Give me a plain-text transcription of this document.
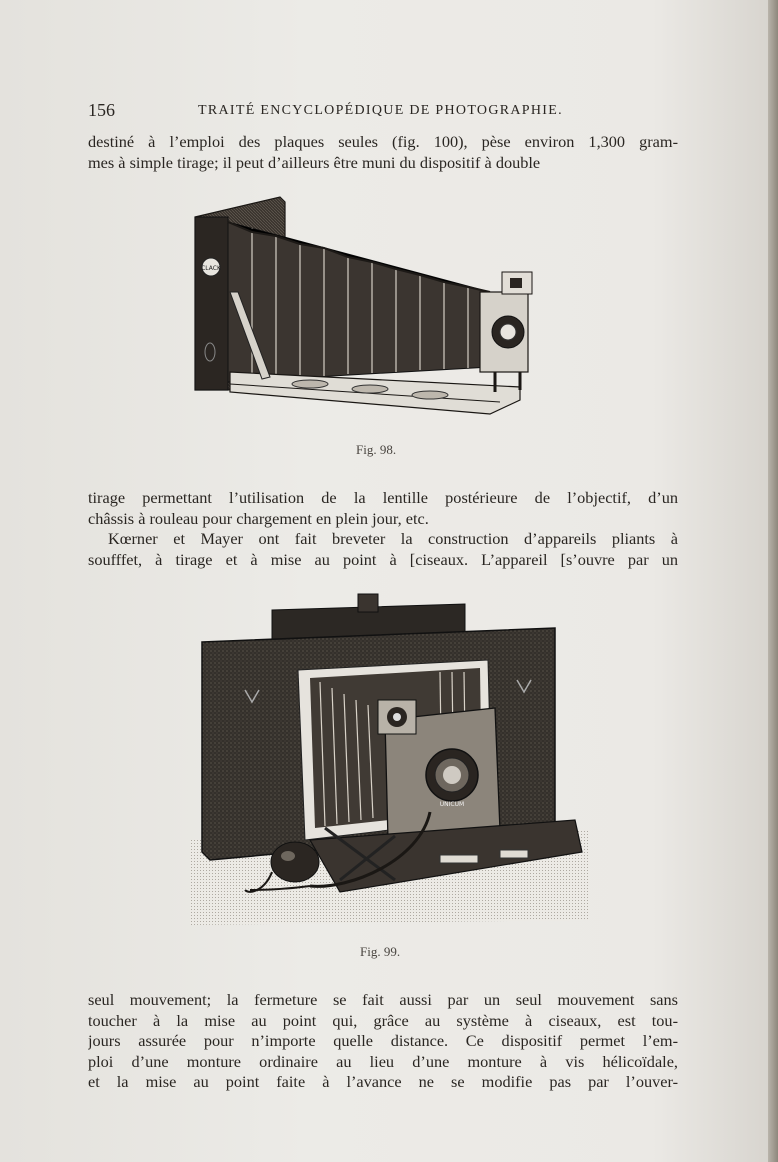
156	TRAITÉ ENCYCLOPÉDIQUE DE PHOTOGRAPHIE.
destiné à l’emploi des plaques seules (fig. 100), pèse environ 1,300 gram-
mes à simple tirage; il peut d’ailleurs être muni du dispositif à double
CLACK
Fig. 98.
tirage permettant l’utilisation de la lentille postérieure de l’objectif, d’un
châssis à rouleau pour chargement en plein jour, etc.
Kœrner et Mayer ont fait breveter la construction d’appareils pliants à
soufffet, à tirage et à mise au point à [ciseaux. L’appareil [s’ouvre par un
UNICUM
Fig. 99.
seul mouvement; la fermeture se fait aussi par un seul mouvement sans
toucher à la mise au point qui, grâce au système à ciseaux, est tou-
jours assurée pour n’importe quelle distance. Ce dispositif permet l’em-
ploi d’une monture ordinaire au lieu d’une monture à vis hélicoïdale,
et la mise au point faite à l’avance ne se modifie pas par l’ouver-
